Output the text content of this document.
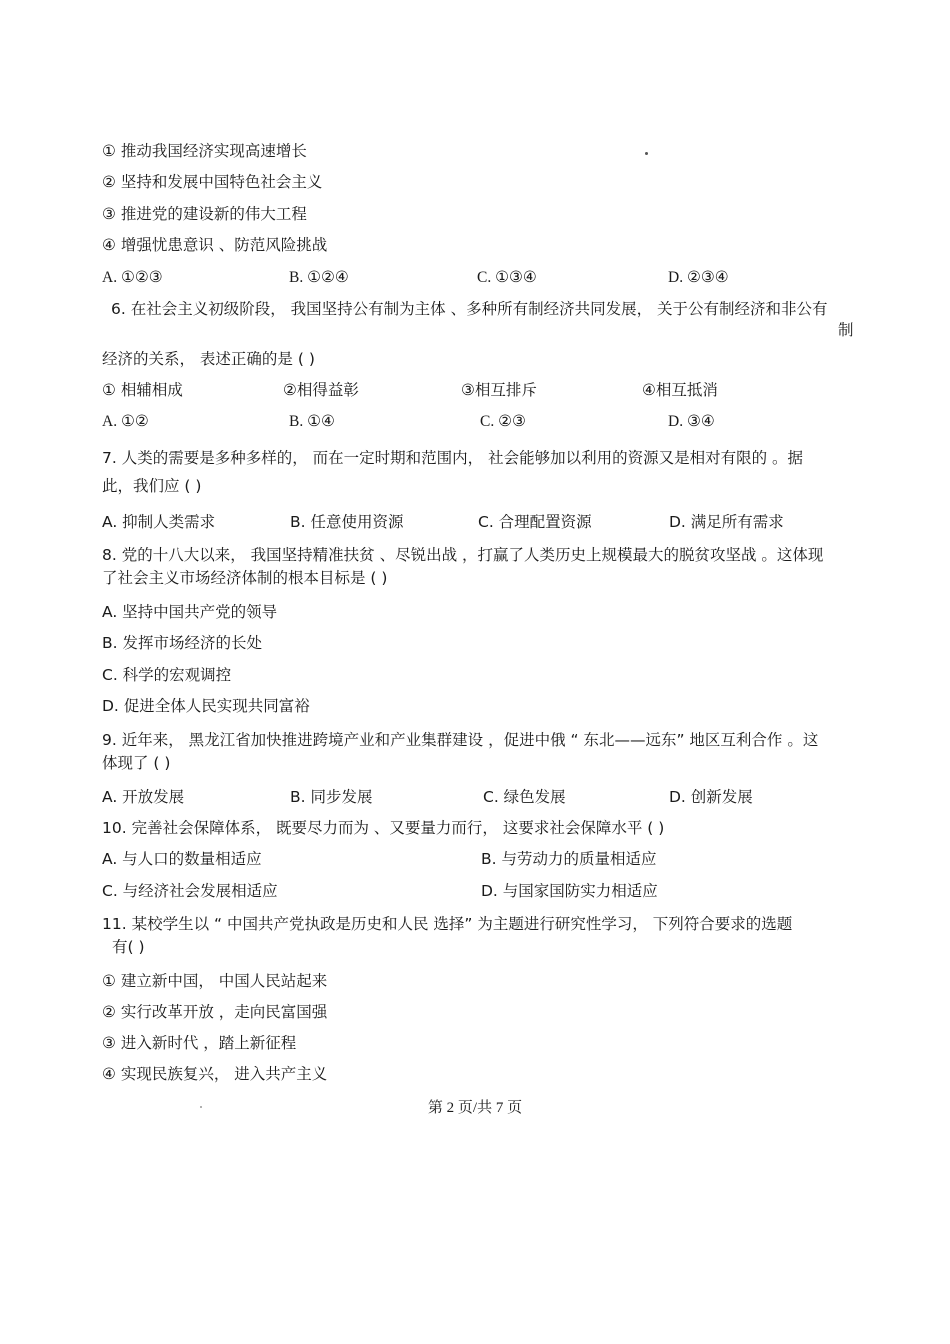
① 推动我国经济实现高速增长
② 坚持和发展中国特色社会主义
③ 推进党的建设新的伟大工程
④ 增强忧患意识 、防范风险挑战
A. ①②③	B. ①②④	C. ①③④	D. ②③④
6. 在社会主义初级阶段， 我国坚持公有制为主体 、多种所有制经济共同发展， 关于公有制经济和非公有
制
经济的关系， 表述正确的是 ( )
① 相辅相成	②相得益彰	③相互排斥	④相互抵消
A. ①②	B. ①④	C. ②③	D. ③④
7. 人类的需要是多种多样的， 而在一定时期和范围内， 社会能够加以利用的资源又是相对有限的 。据
此，我们应 ( )
A. 抑制人类需求	B. 任意使用资源	C. 合理配置资源	D. 满足所有需求
8. 党的十八大以来， 我国坚持精准扶贫 、尽锐出战 ，打赢了人类历史上规模最大的脱贫攻坚战 。这体现
了社会主义市场经济体制的根本目标是 ( )
A. 坚持中国共产党的领导
B. 发挥市场经济的长处
C. 科学的宏观调控
D. 促进全体人民实现共同富裕
9. 近年来， 黑龙江省加快推进跨境产业和产业集群建设 ，促进中俄 “ 东北——远东” 地区互利合作 。这
体现了 ( )
A. 开放发展	B. 同步发展	C. 绿色发展	D. 创新发展
10. 完善社会保障体系， 既要尽力而为 、又要量力而行， 这要求社会保障水平 ( )
A. 与人口的数量相适应	B. 与劳动力的质量相适应
C. 与经济社会发展相适应	D. 与国家国防实力相适应
11. 某校学生以 “ 中国共产党执政是历史和人民 选择” 为主题进行研究性学习， 下列符合要求的选题
有( )
① 建立新中国， 中国人民站起来
② 实行改革开放 ，走向民富国强
③ 进入新时代 ，踏上新征程
④ 实现民族复兴， 进入共产主义
第 2 页/共 7 页
